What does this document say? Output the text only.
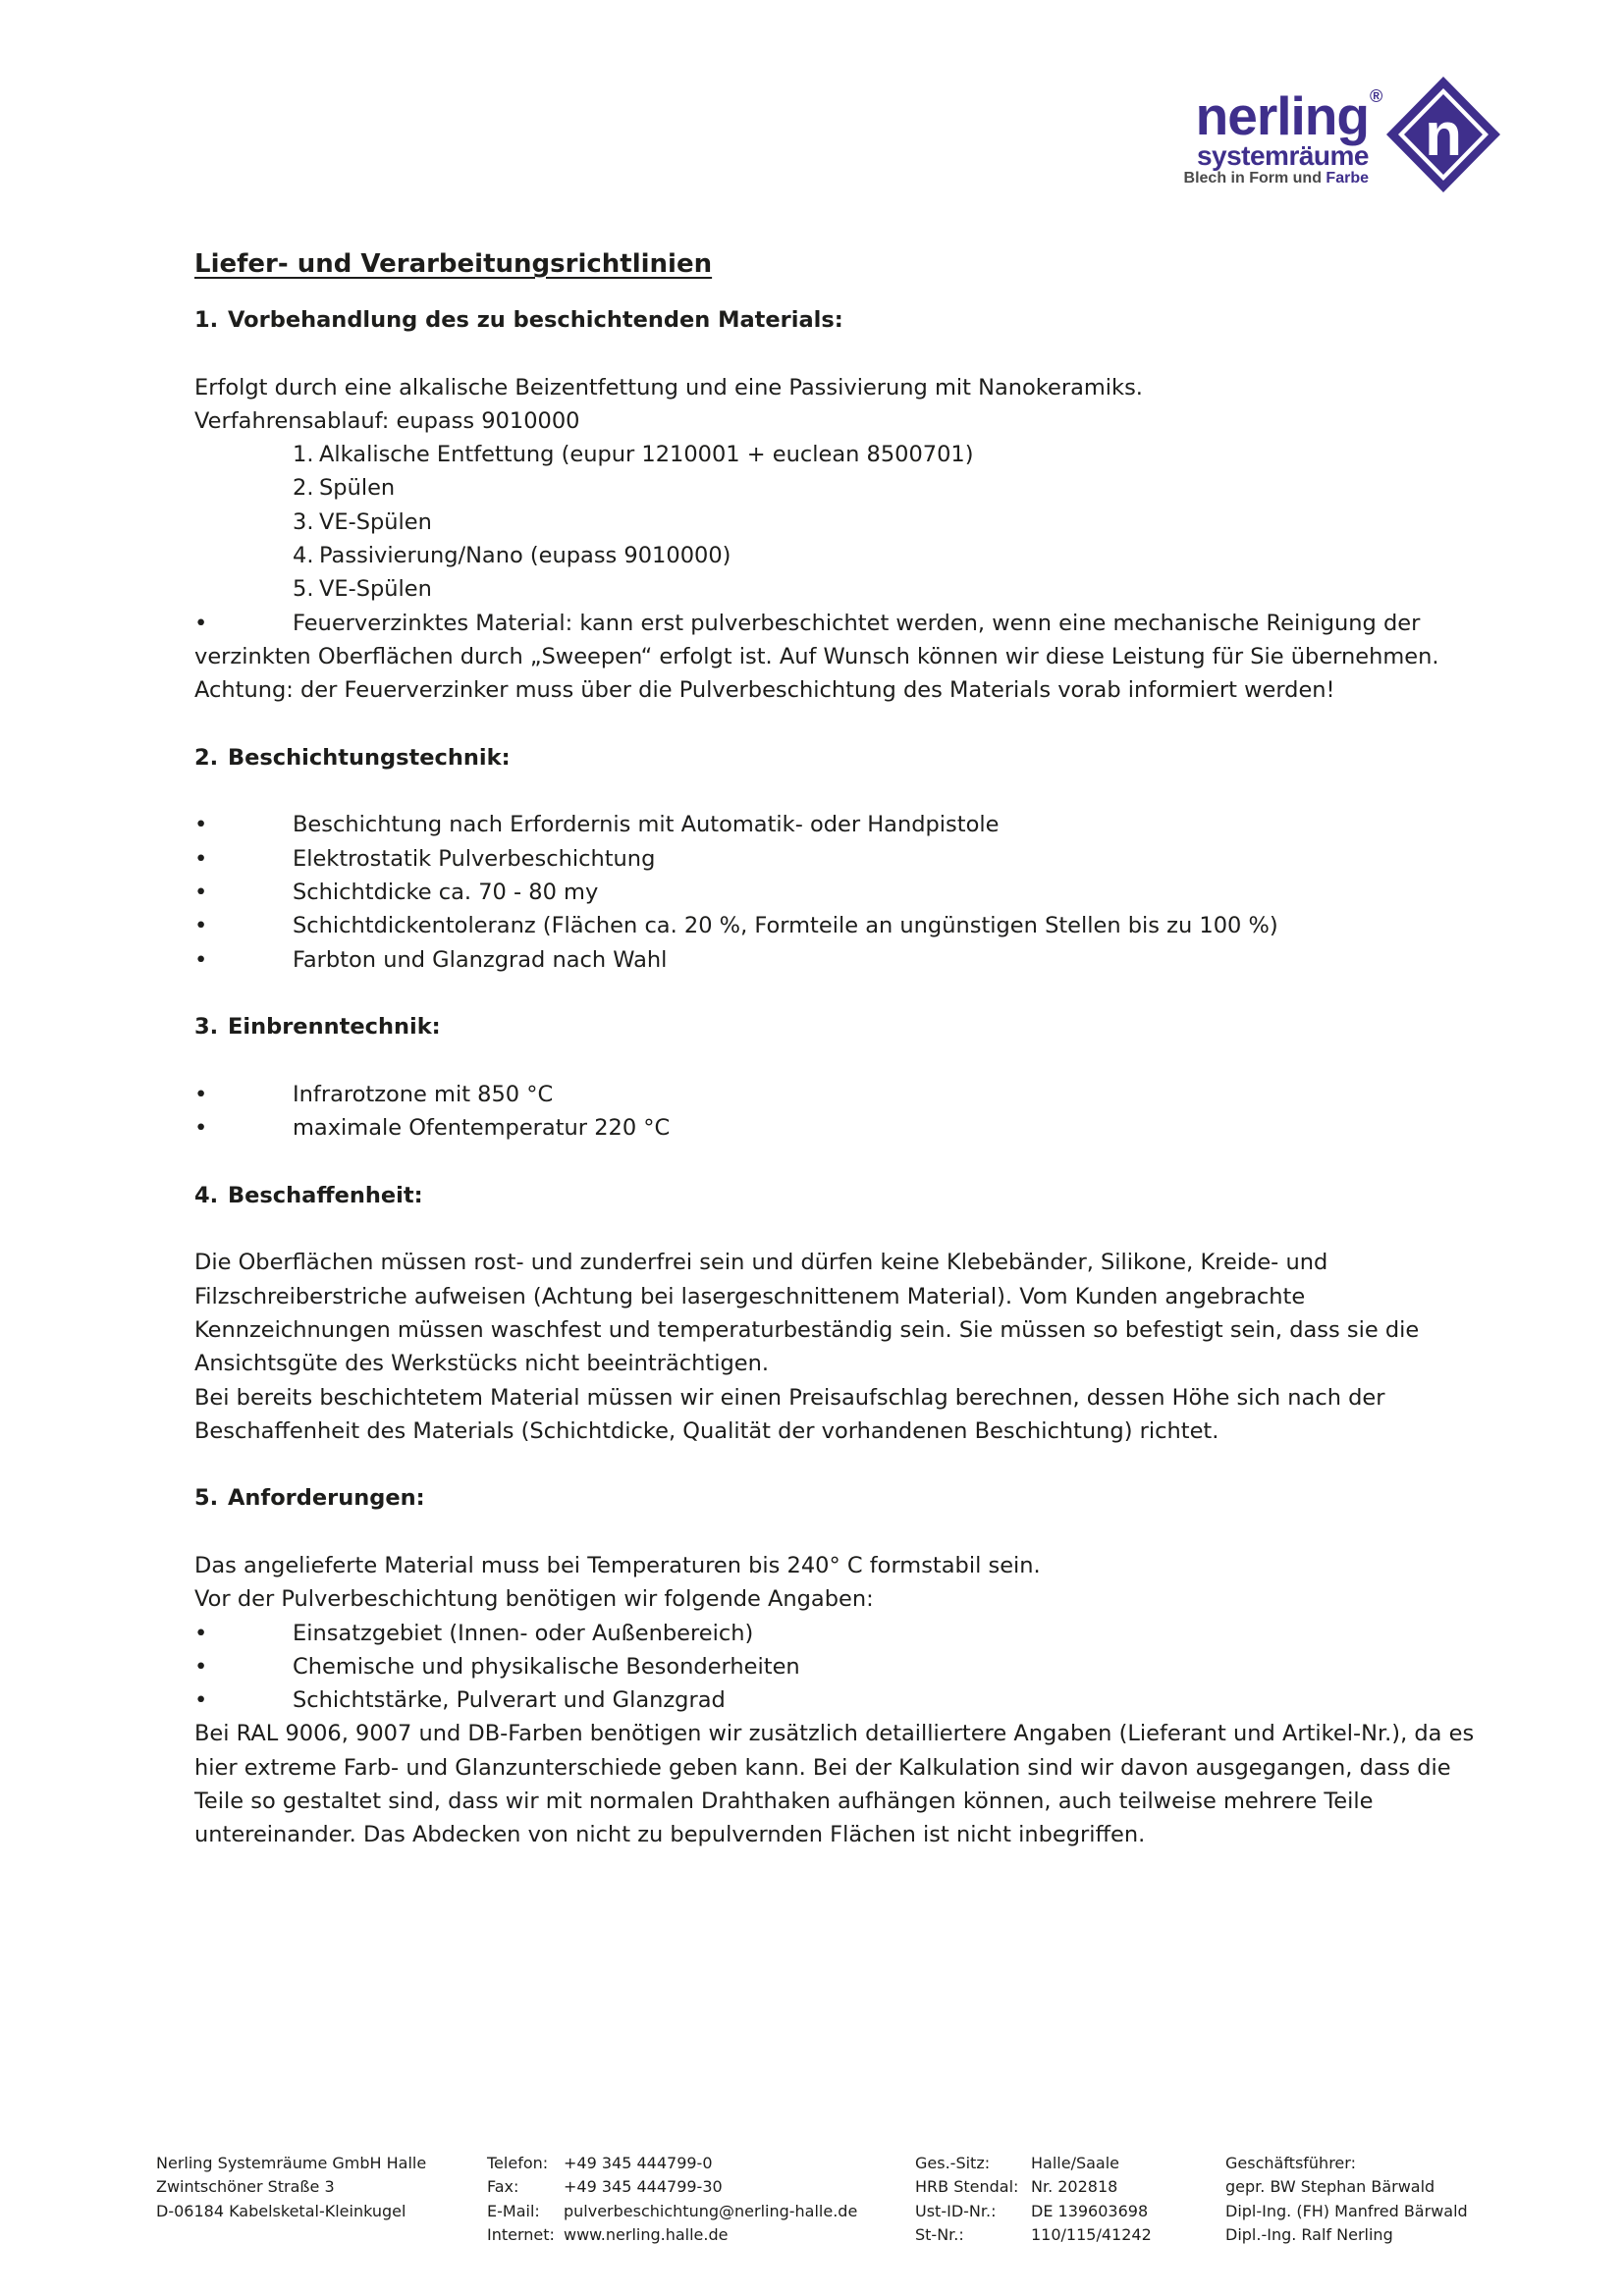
nerling ®
systemräume
Blech in Form und Farbe
n
Liefer- und Verarbeitungsrichtlinien
1. Vorbehandlung des zu beschichtenden Materials:

Erfolgt durch eine alkalische Beizentfettung und eine Passivierung mit Nanokeramiks.

Verfahrensablauf: eupass 9010000

1. Alkalische Entfettung (eupur 1210001 + euclean 8500701)
2. Spülen
3. VE-Spülen
4. Passivierung/Nano (eupass 9010000)
5. VE-Spülen
•	Feuerverzinktes Material: kann erst pulverbeschichtet werden, wenn eine mechanische Reinigung der

verzinkten Oberflächen durch „Sweepen“ erfolgt ist. Auf Wunsch können wir diese Leistung für Sie übernehmen.

Achtung: der Feuerverzinker muss über die Pulverbeschichtung des Materials vorab informiert werden!

2. Beschichtungstechnik:
•	Beschichtung nach Erfordernis mit Automatik- oder Handpistole
•	Elektrostatik Pulverbeschichtung
•	Schichtdicke ca. 70 - 80 my
•	Schichtdickentoleranz (Flächen ca. 20 %, Formteile an ungünstigen Stellen bis zu 100 %)
•	Farbton und Glanzgrad nach Wahl
3. Einbrenntechnik:
•	Infrarotzone mit 850 °C
•	maximale Ofentemperatur 220 °C
4. Beschaffenheit:

Die Oberflächen müssen rost- und zunderfrei sein und dürfen keine Klebebänder, Silikone, Kreide- und

Filzschreiberstriche aufweisen (Achtung bei lasergeschnittenem Material). Vom Kunden angebrachte

Kennzeichnungen müssen waschfest und temperaturbeständig sein. Sie müssen so befestigt sein, dass sie die

Ansichtsgüte des Werkstücks nicht beeinträchtigen.

Bei bereits beschichtetem Material müssen wir einen Preisaufschlag berechnen, dessen Höhe sich nach der

Beschaffenheit des Materials (Schichtdicke, Qualität der vorhandenen Beschichtung) richtet.

5. Anforderungen:

Das angelieferte Material muss bei Temperaturen bis 240° C formstabil sein.

Vor der Pulverbeschichtung benötigen wir folgende Angaben:

•	Einsatzgebiet (Innen- oder Außenbereich)
•	Chemische und physikalische Besonderheiten
•	Schichtstärke, Pulverart und Glanzgrad

Bei RAL 9006, 9007 und DB-Farben benötigen wir zusätzlich detailliertere Angaben (Lieferant und Artikel-Nr.), da es

hier extreme Farb- und Glanzunterschiede geben kann. Bei der Kalkulation sind wir davon ausgegangen, dass die

Teile so gestaltet sind, dass wir mit normalen Drahthaken aufhängen können, auch teilweise mehrere Teile

untereinander. Das Abdecken von nicht zu bepulvernden Flächen ist nicht inbegriffen.

Nerling Systemräume GmbH Halle
Zwintschöner Straße 3
D-06184 Kabelsketal-Kleinkugel
Telefon: +49 345 444799-0
Fax:	+49 345 444799-30
E-Mail:	pulverbeschichtung@nerling-halle.de
Internet: www.nerling.halle.de
Ges.-Sitz:	Halle/Saale
HRB Stendal: Nr. 202818
Ust-ID-Nr.:	DE 139603698
St-Nr.:	110/115/41242
Geschäftsführer:
gepr. BW Stephan Bärwald
Dipl-Ing. (FH) Manfred Bärwald
Dipl.-Ing. Ralf Nerling
